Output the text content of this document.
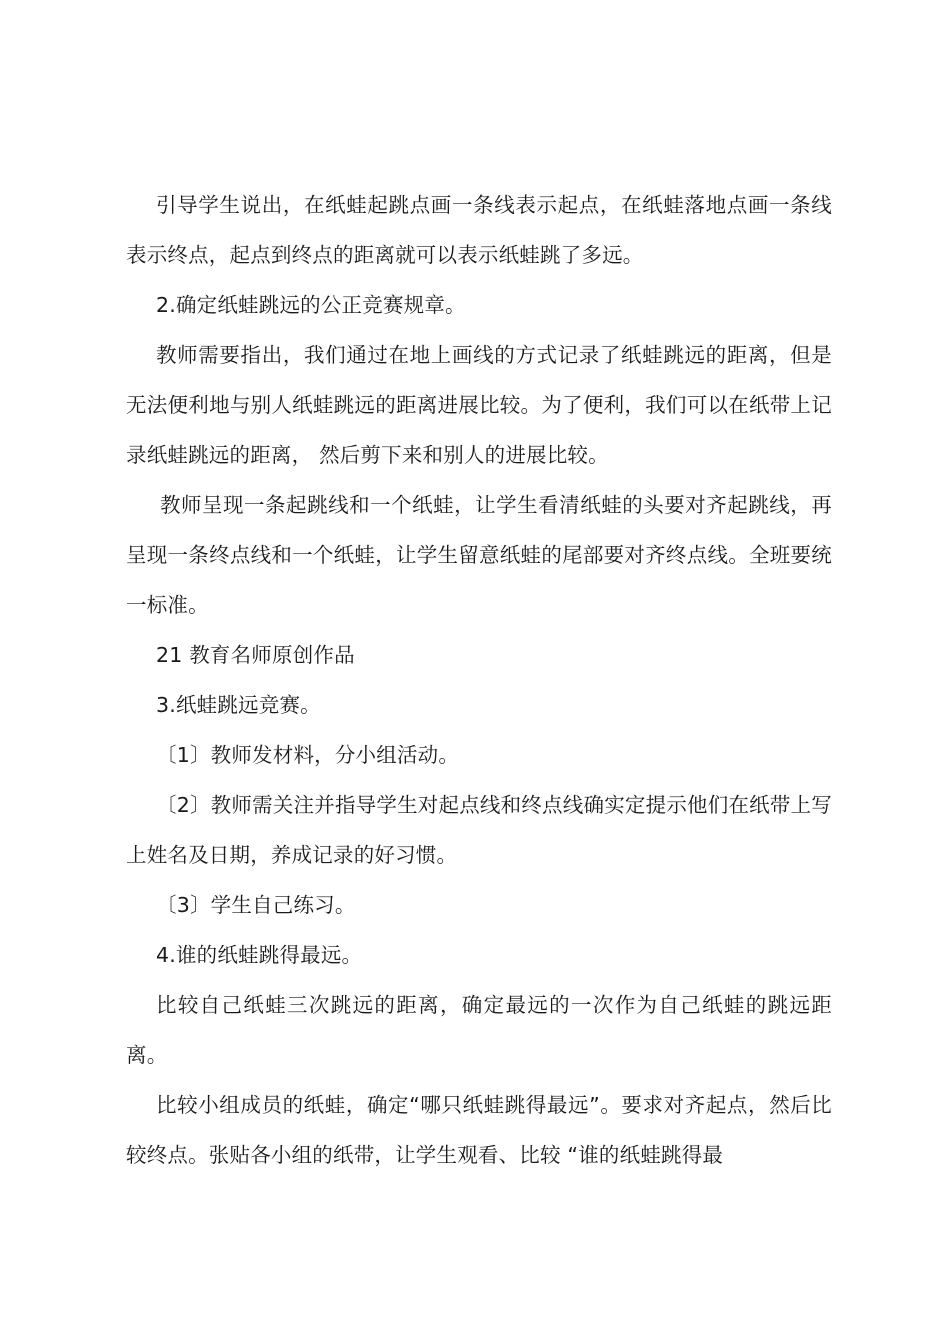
引导学生说出，在纸蛙起跳点画一条线表示起点，在纸蛙落地点画一条线表示终点，起点到终点的距离就可以表示纸蛙跳了多远。

2.确定纸蛙跳远的公正竞赛规章。

教师需要指出，我们通过在地上画线的方式记录了纸蛙跳远的距离，但是无法便利地与别人纸蛙跳远的距离进展比较。为了便利，我们可以在纸带上记录纸蛙跳远的距离， 然后剪下来和别人的进展比较。

教师呈现一条起跳线和一个纸蛙，让学生看清纸蛙的头要对齐起跳线，再呈现一条终点线和一个纸蛙，让学生留意纸蛙的尾部要对齐终点线。全班要统一标准。

21 教育名师原创作品

3.纸蛙跳远竞赛。

〔1〕教师发材料，分小组活动。

〔2〕教师需关注并指导学生对起点线和终点线确实定提示他们在纸带上写上姓名及日期，养成记录的好习惯。

〔3〕学生自己练习。

4.谁的纸蛙跳得最远。

比较自己纸蛙三次跳远的距离，确定最远的一次作为自己纸蛙的跳远距离。

比较小组成员的纸蛙，确定“哪只纸蛙跳得最远”。要求对齐起点，然后比较终点。张贴各小组的纸带，让学生观看、比较 “谁的纸蛙跳得最
